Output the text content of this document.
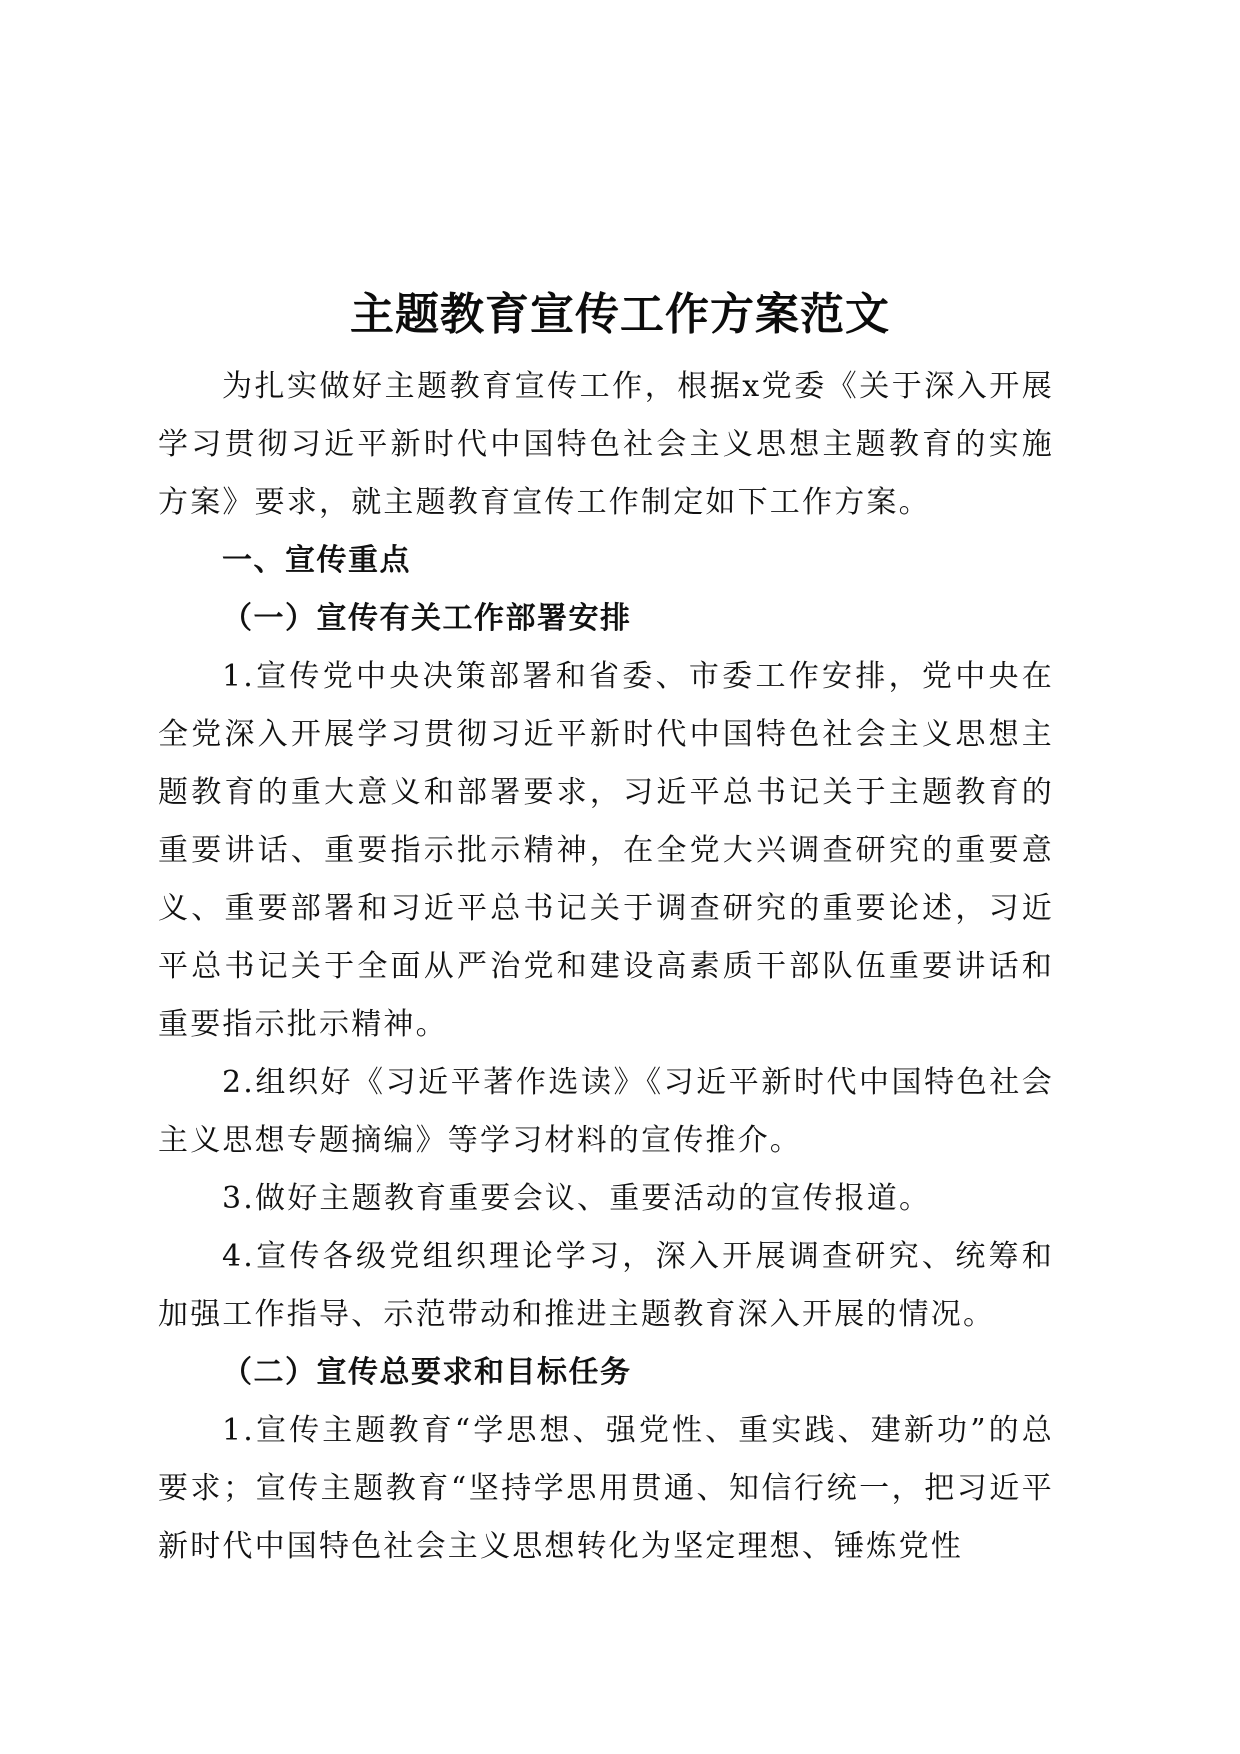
主题教育宣传工作方案范文

为扎实做好主题教育宣传工作，根据x党委《关于深入开展学习贯彻习近平新时代中国特色社会主义思想主题教育的实施方案》要求，就主题教育宣传工作制定如下工作方案。

一、宣传重点

（一）宣传有关工作部署安排

1.宣传党中央决策部署和省委、市委工作安排，党中央在全党深入开展学习贯彻习近平新时代中国特色社会主义思想主题教育的重大意义和部署要求，习近平总书记关于主题教育的重要讲话、重要指示批示精神，在全党大兴调查研究的重要意义、重要部署和习近平总书记关于调查研究的重要论述，习近平总书记关于全面从严治党和建设高素质干部队伍重要讲话和重要指示批示精神。

2.组织好《习近平著作选读》《习近平新时代中国特色社会主义思想专题摘编》等学习材料的宣传推介。

3.做好主题教育重要会议、重要活动的宣传报道。

4.宣传各级党组织理论学习，深入开展调查研究、统筹和加强工作指导、示范带动和推进主题教育深入开展的情况。

（二）宣传总要求和目标任务

1.宣传主题教育“学思想、强党性、重实践、建新功”的总要求；宣传主题教育“坚持学思用贯通、知信行统一，把习近平新时代中国特色社会主义思想转化为坚定理想、锤炼党性
